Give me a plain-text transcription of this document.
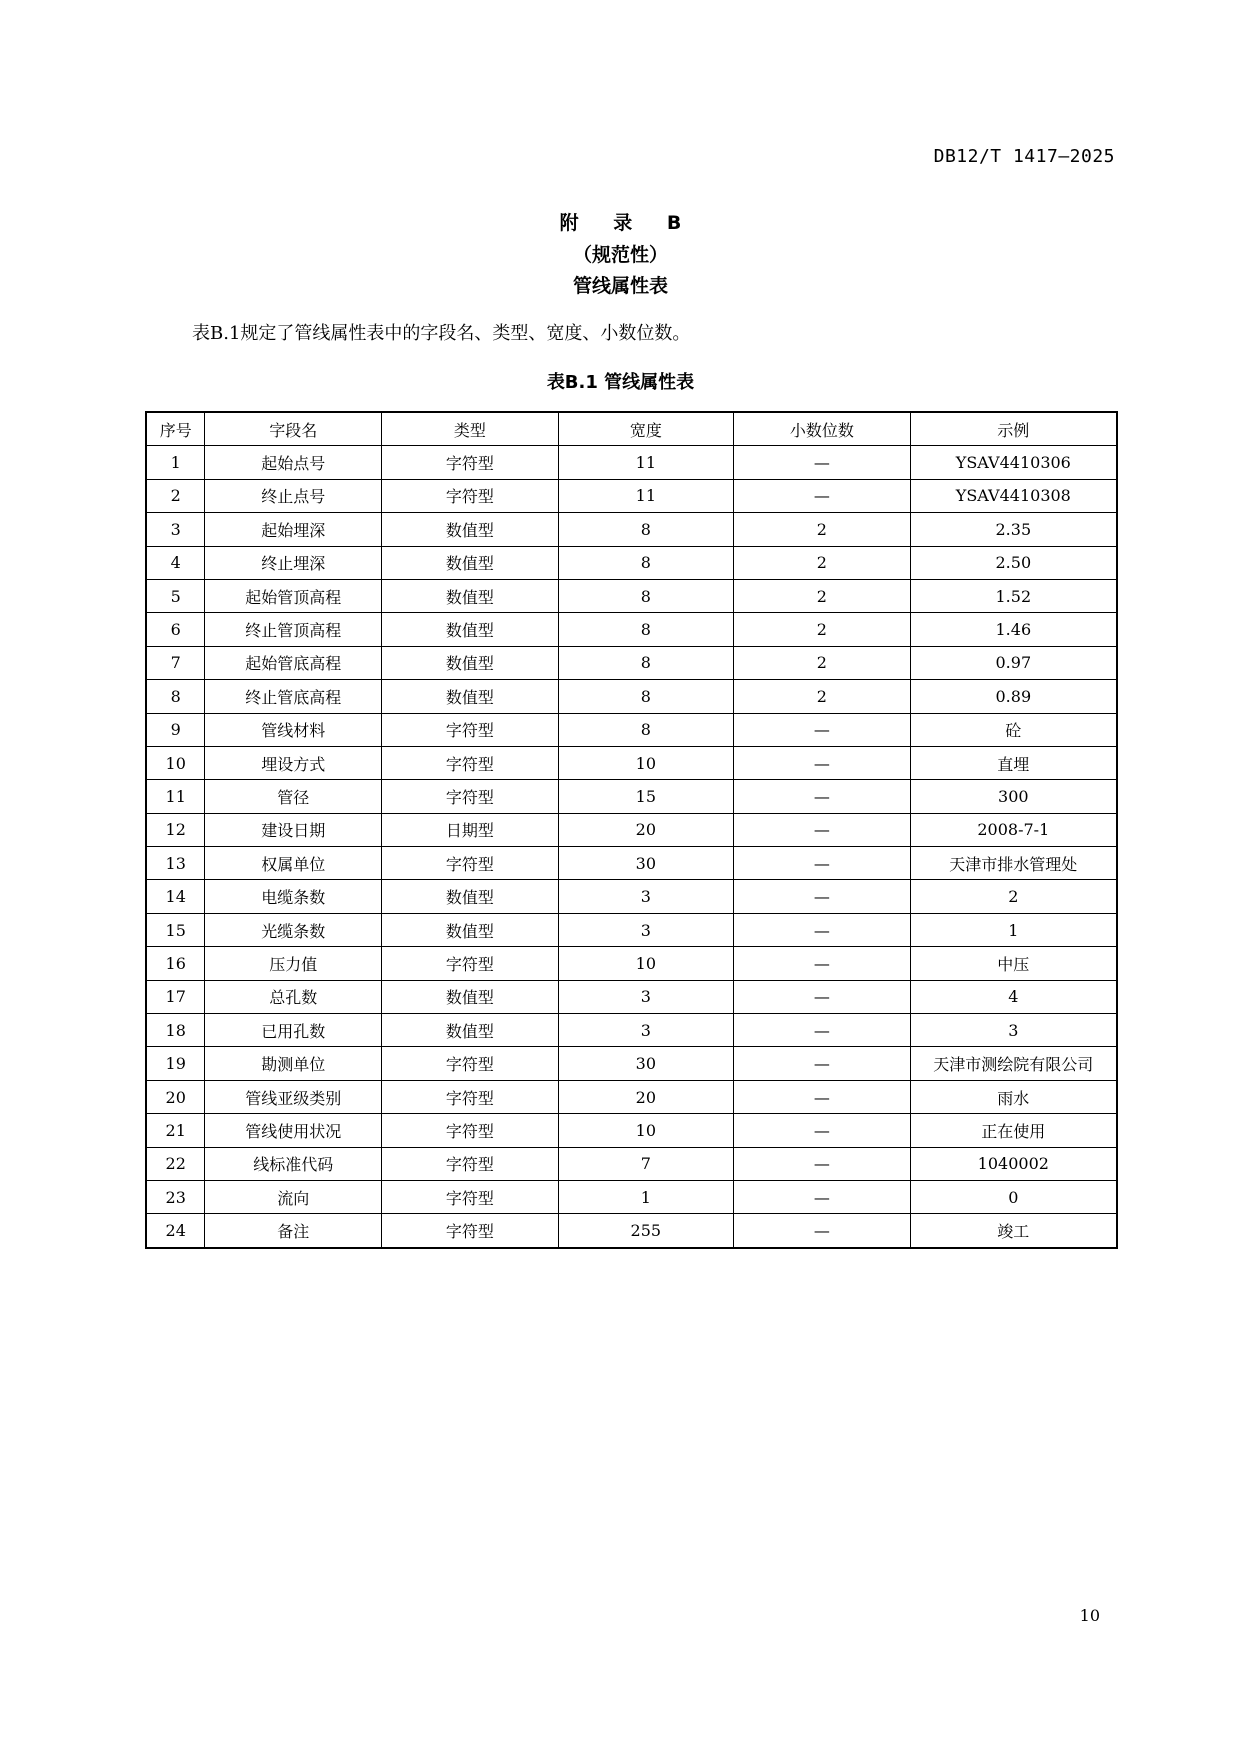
DB12/T 1417—2025
附 录 B
（规范性）
管线属性表
表B.1规定了管线属性表中的字段名、类型、宽度、小数位数。
表B.1 管线属性表
序号	字段名	类型	宽度	小数位数	示例
1	起始点号	字符型	11	—	YSAV4410306
2	终止点号	字符型	11	—	YSAV4410308
3	起始埋深	数值型	8	2	2.35
4	终止埋深	数值型	8	2	2.50
5	起始管顶高程	数值型	8	2	1.52
6	终止管顶高程	数值型	8	2	1.46
7	起始管底高程	数值型	8	2	0.97
8	终止管底高程	数值型	8	2	0.89
9	管线材料	字符型	8	—	砼
10	埋设方式	字符型	10	—	直埋
11	管径	字符型	15	—	300
12	建设日期	日期型	20	—	2008-7-1
13	权属单位	字符型	30	—	天津市排水管理处
14	电缆条数	数值型	3	—	2
15	光缆条数	数值型	3	—	1
16	压力值	字符型	10	—	中压
17	总孔数	数值型	3	—	4
18	已用孔数	数值型	3	—	3
19	勘测单位	字符型	30	—	天津市测绘院有限公司
20	管线亚级类别	字符型	20	—	雨水
21	管线使用状况	字符型	10	—	正在使用
22	线标准代码	字符型	7	—	1040002
23	流向	字符型	1	—	0
24	备注	字符型	255	—	竣工
10
